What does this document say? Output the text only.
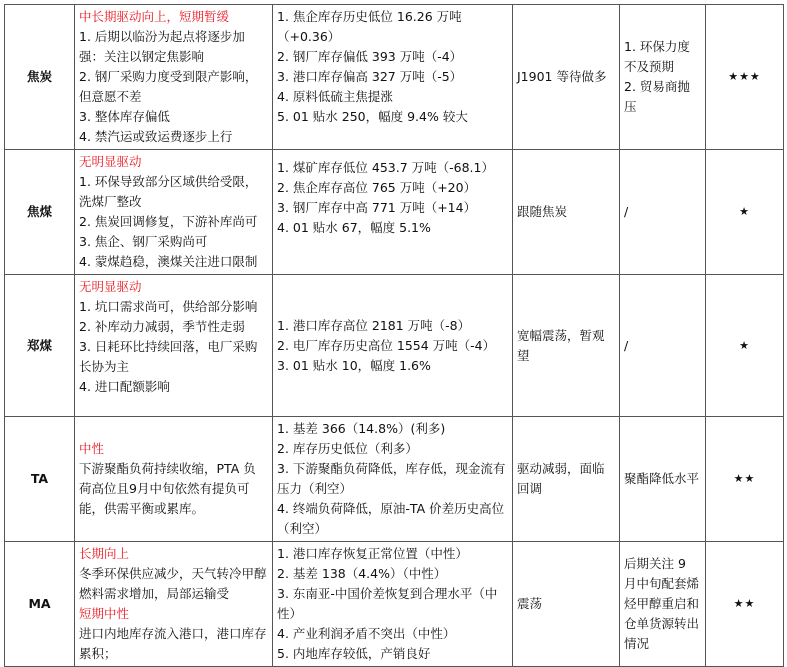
焦炭	中长期驱动向上，短期暂缓
1. 后期以临汾为起点将逐步加强：关注以钢定焦影响
2. 钢厂采购力度受到限产影响，但意愿不差
3. 整体库存偏低
4. 禁汽运或致运费逐步上行	1. 焦企库存历史低位 16.26 万吨（+0.36）
2. 钢厂库存偏低 393 万吨（-4）
3. 港口库存偏高 327 万吨（-5）
4. 原料低硫主焦提涨
5. 01 贴水 250，幅度 9.4% 较大	J1901 等待做多	1. 环保力度不及预期
2. 贸易商抛压	★★★
焦煤	无明显驱动
1. 环保导致部分区域供给受限，洗煤厂整改
2. 焦炭回调修复，下游补库尚可
3. 焦企、钢厂采购尚可
4. 蒙煤趋稳，澳煤关注进口限制	1. 煤矿库存低位 453.7 万吨（-68.1）
2. 焦企库存高位 765 万吨（+20）
3. 钢厂库存中高 771 万吨（+14）
4. 01 贴水 67，幅度 5.1%	跟随焦炭	/	★
郑煤	无明显驱动
1. 坑口需求尚可，供给部分影响
2. 补库动力减弱，季节性走弱
3. 日耗环比持续回落，电厂采购长协为主
4. 进口配额影响	1. 港口库存高位 2181 万吨（-8）
2. 电厂库存历史高位 1554 万吨（-4）
3. 01 贴水 10，幅度 1.6%	宽幅震荡，暂观望	/	★
TA	中性
下游聚酯负荷持续收缩，PTA 负荷高位且9月中旬依然有提负可能，供需平衡或累库。	1. 基差 366（14.8%）(利多)
2. 库存历史低位（利多）
3. 下游聚酯负荷降低，库存低，现金流有压力（利空）
4. 终端负荷降低，原油-TA 价差历史高位（利空）	驱动减弱，面临回调	聚酯降低水平	★★
MA	长期向上
冬季环保供应减少，天气转冷甲醇燃料需求增加，局部运输受
短期中性
进口内地库存流入港口，港口库存累积；	1. 港口库存恢复正常位置（中性）
2. 基差 138（4.4%）（中性）
3. 东南亚-中国价差恢复到合理水平（中性）
4. 产业利润矛盾不突出（中性）
5. 内地库存较低，产销良好	震荡	后期关注 9 月中旬配套烯烃甲醇重启和仓单货源转出情况	★★
